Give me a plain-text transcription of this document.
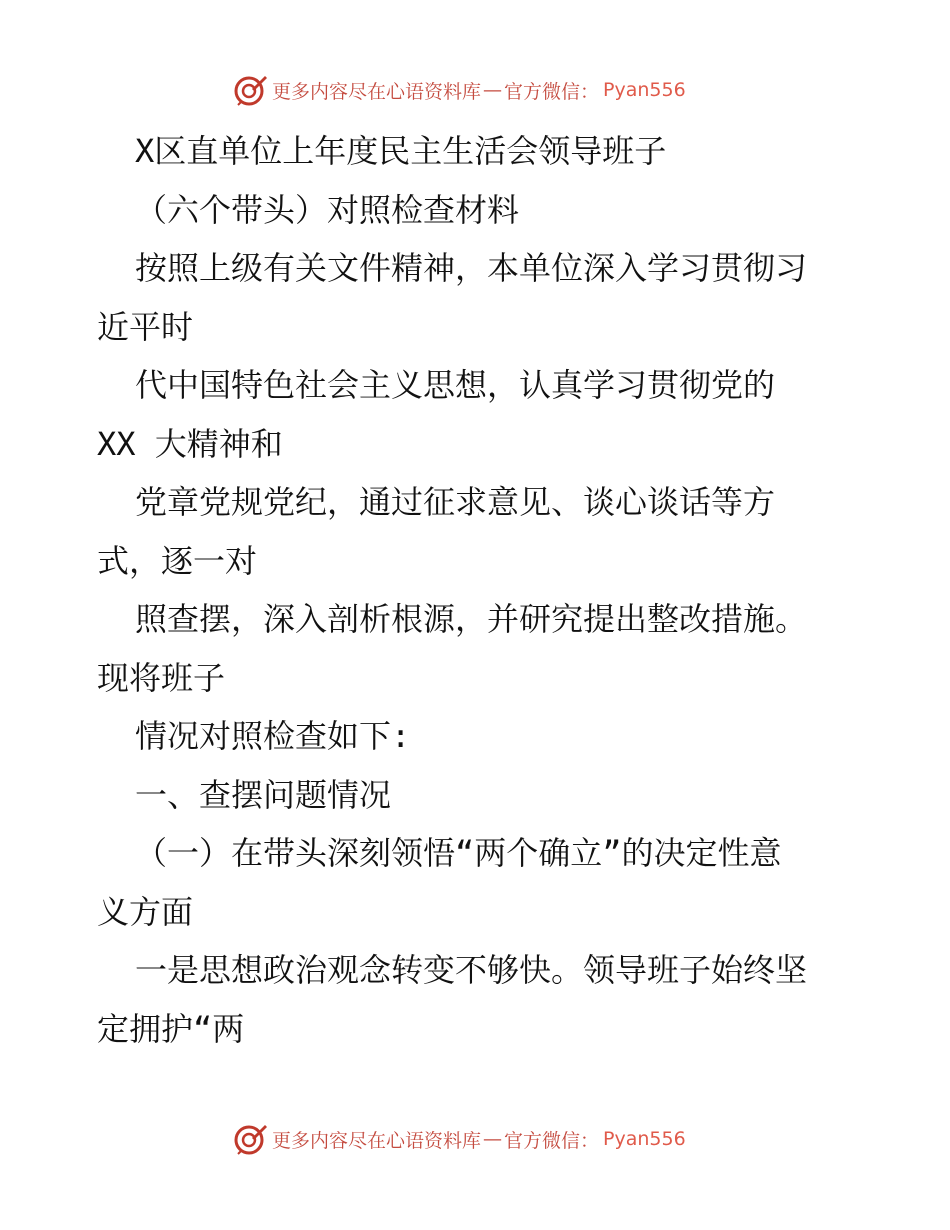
更多内容尽在心语资料库 — 官方微信： Pyan556
X区直单位上年度民主生活会领导班子
（六个带头）对照检查材料
按照上级有关文件精神，本单位深入学习贯彻习
近平时
代中国特色社会主义思想，认真学习贯彻党的
XX 大精神和
党章党规党纪，通过征求意见、谈心谈话等方
式，逐一对
照查摆，深入剖析根源，并研究提出整改措施。
现将班子
情况对照检查如下:
一、查摆问题情况
（一）在带头深刻领悟“两个确立”的决定性意
义方面
一是思想政治观念转变不够快。领导班子始终坚
定拥护“两
更多内容尽在心语资料库 — 官方微信： Pyan556
